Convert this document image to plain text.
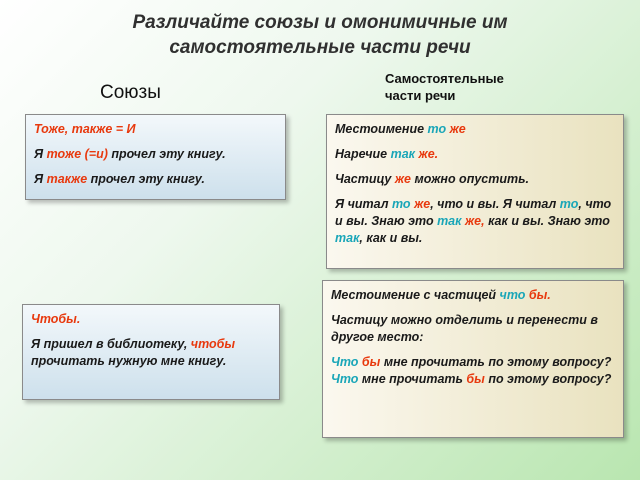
Различайте союзы и омонимичные им
самостоятельные части речи
Союзы
Самостоятельные
части речи

Тоже, также = И

Я тоже (=и) прочел эту книгу.

Я также прочел эту книгу.

Местоимение то же

Наречие так же.

Частицу же можно опустить.

Я читал то же, что и вы. Я читал то, что и вы. Знаю это так же, как и вы. Знаю это так, как и вы.

Местоимение с частицей что бы.

Частицу можно отделить и перенести в другое место:

Что бы мне прочитать по этому вопросу? Что мне прочитать бы по этому вопросу?

Чтобы.

Я пришел в библиотеку, чтобы прочитать нужную мне книгу.
